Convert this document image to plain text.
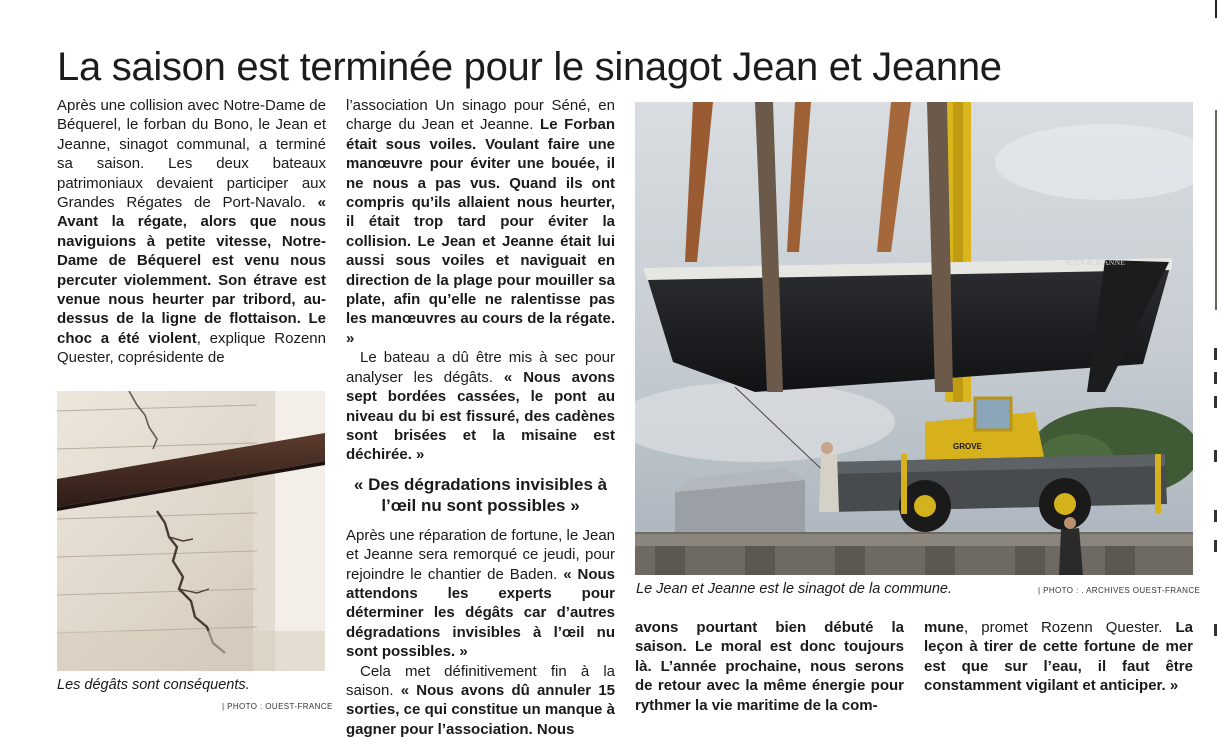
La saison est terminée pour le sinagot Jean et Jeanne

Après une collision avec Notre-Dame de Béquerel, le forban du Bono, le Jean et Jeanne, sinagot communal, a terminé sa saison. Les deux bateaux patrimoniaux devaient participer aux Grandes Régates de Port-Navalo. « Avant la régate, alors que nous naviguions à petite vitesse, Notre-Dame de Béquerel est venu nous percuter violemment. Son étrave est venue nous heurter par tribord, au-dessus de la ligne de flottaison. Le choc a été violent, explique Rozenn Quester, coprésidente de

Les dégâts sont conséquents.
| PHOTO : OUEST-FRANCE

l’association Un sinago pour Séné, en charge du Jean et Jeanne. Le Forban était sous voiles. Voulant faire une manœuvre pour éviter une bouée, il ne nous a pas vus. Quand ils ont compris qu’ils allaient nous heurter, il était trop tard pour éviter la collision. Le Jean et Jeanne était lui aussi sous voiles et naviguait en direction de la plage pour mouiller sa plate, afin qu’elle ne ralentisse pas les manœuvres au cours de la régate. »

Le bateau a dû être mis à sec pour analyser les dégâts. « Nous avons sept bordées cassées, le pont au niveau du bi est fissuré, des cadènes sont brisées et la misaine est déchirée. »

« Des dégradations invisibles à l’œil nu sont possibles »

Après une réparation de fortune, le Jean et Jeanne sera remorqué ce jeudi, pour rejoindre le chantier de Baden. « Nous attendons les experts pour déterminer les dégâts car d’autres dégradations invisibles à l’œil nu sont possibles. »

Cela met définitivement fin à la saison. « Nous avons dû annuler 15 sorties, ce qui constitue un manque à gagner pour l’association. Nous

GROVE
JEAN & JEANNE
Le Jean et Jeanne est le sinagot de la commune.	| PHOTO : . ARCHIVES OUEST-FRANCE

avons pourtant bien débuté la saison. Le moral est donc toujours là. L’année prochaine, nous serons de retour avec la même énergie pour rythmer la vie maritime de la com-

mune, promet Rozenn Quester. La leçon à tirer de cette fortune de mer est que sur l’eau, il faut être constamment vigilant et anticiper. »
